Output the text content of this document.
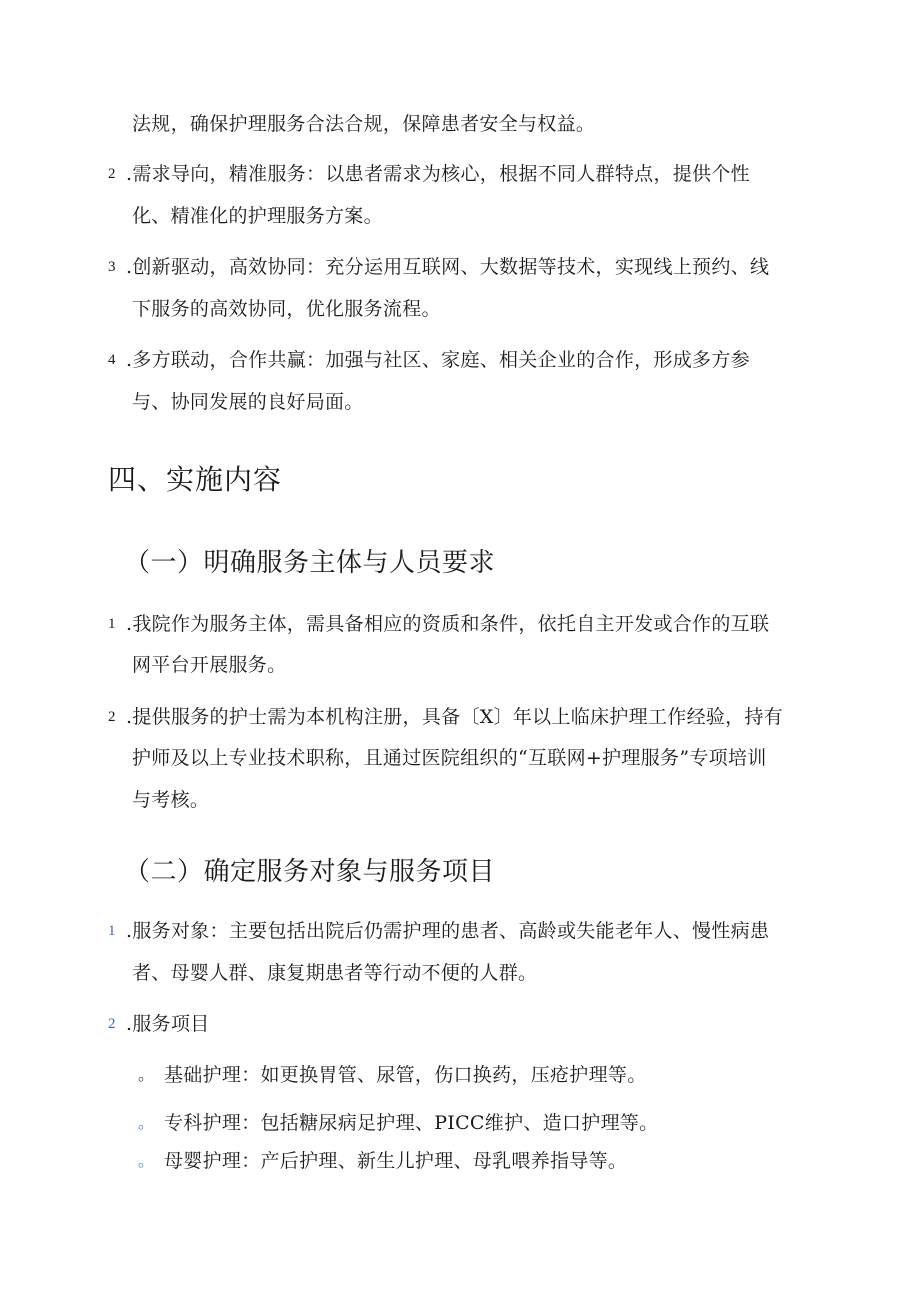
法规，确保护理服务合法合规，保障患者安全与权益。
2 .需求导向，精准服务：以患者需求为核心，根据不同人群特点，提供个性
化、精准化的护理服务方案。
3 .创新驱动，高效协同：充分运用互联网、大数据等技术，实现线上预约、线
下服务的高效协同，优化服务流程。
4 .多方联动，合作共赢：加强与社区、家庭、相关企业的合作，形成多方参
与、协同发展的良好局面。
四、实施内容
（一）明确服务主体与人员要求
1 .我院作为服务主体，需具备相应的资质和条件，依托自主开发或合作的互联
网平台开展服务。
2 .提供服务的护士需为本机构注册，具备〔X〕年以上临床护理工作经验，持有
护师及以上专业技术职称，且通过医院组织的“互联网+护理服务”专项培训
与考核。
（二）确定服务对象与服务项目
1 .服务对象：主要包括出院后仍需护理的患者、高龄或失能老年人、慢性病患
者、母婴人群、康复期患者等行动不便的人群。
2 .服务项目
。 基础护理：如更换胃管、尿管，伤口换药，压疮护理等。
。 专科护理：包括糖尿病足护理、PICC维护、造口护理等。
。 母婴护理：产后护理、新生儿护理、母乳喂养指导等。
